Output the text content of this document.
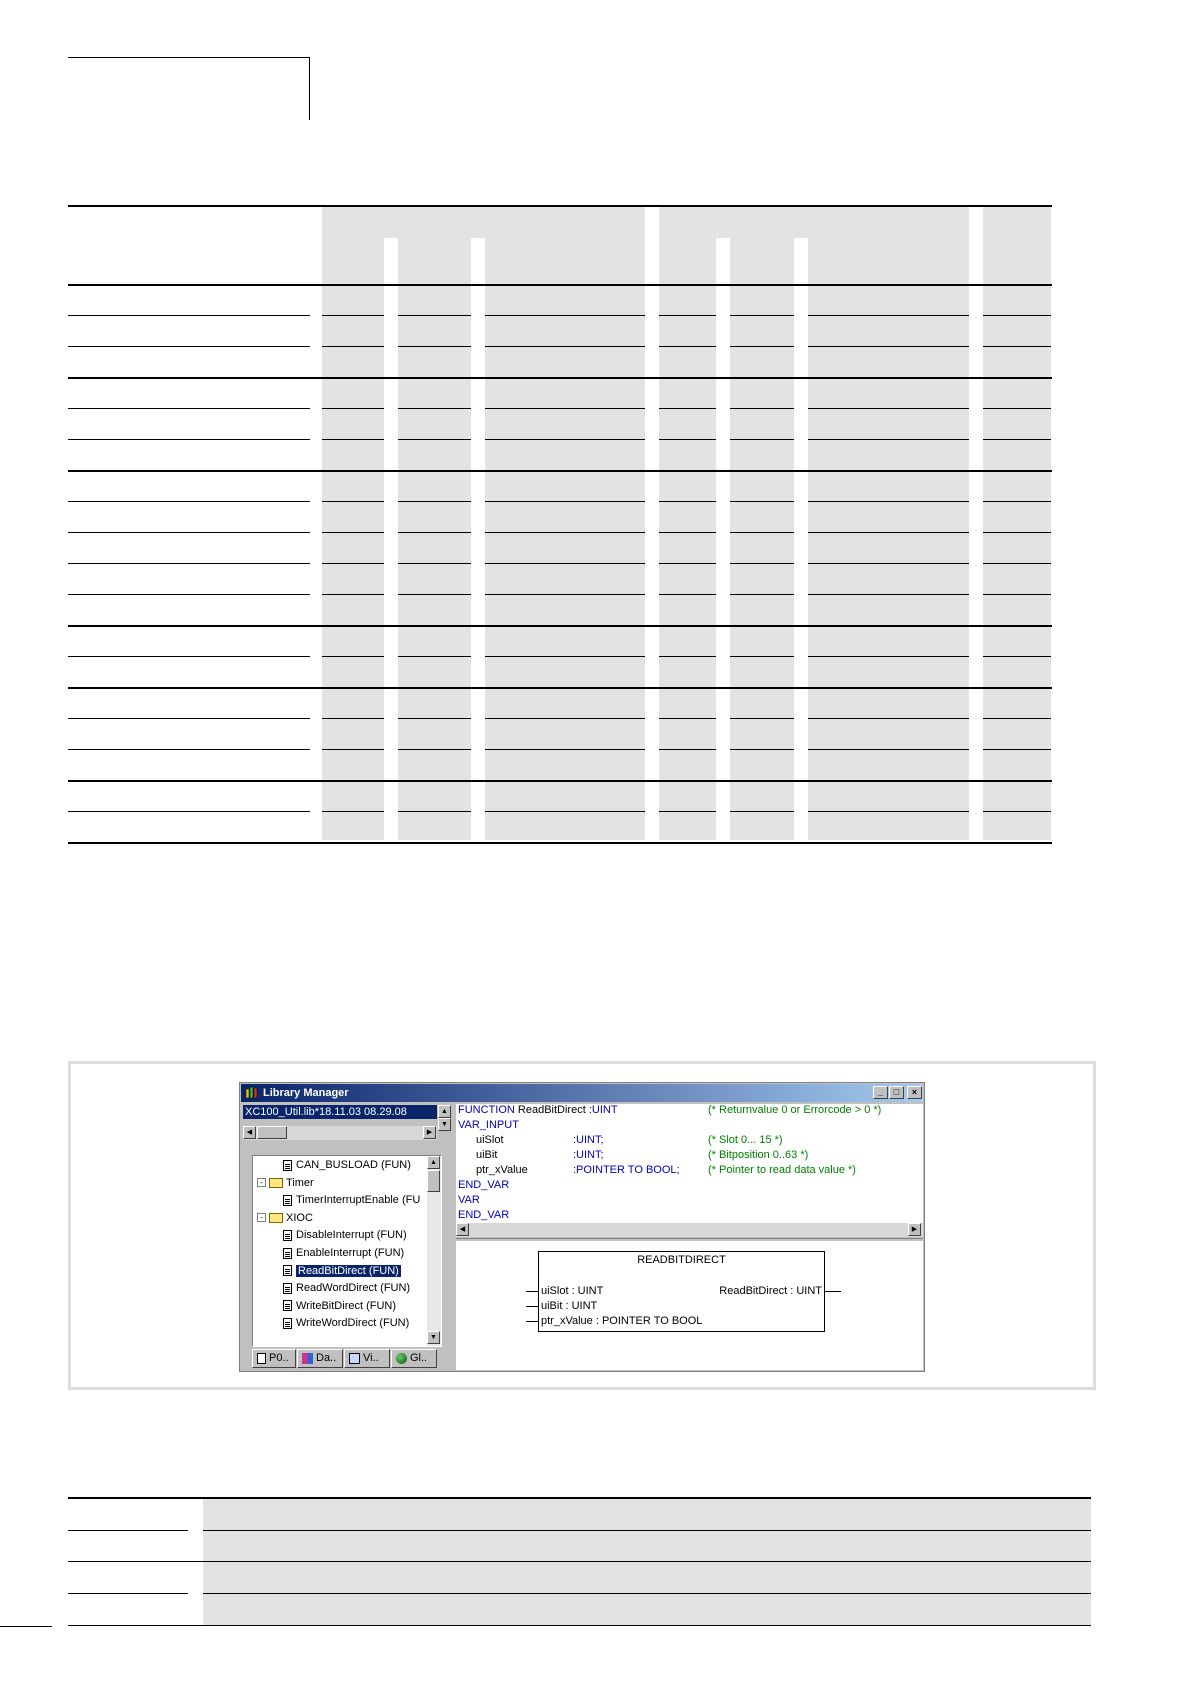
Library Manager	_	□	×
XC100_Util.lib*18.11.03 08.29.08	▲
▼
◀	▶
CAN_BUSLOAD (FUN)
- Timer
TimerInterruptEnable (FU
- XIOC
DisableInterrupt (FUN)
EnableInterrupt (FUN)
ReadBitDirect (FUN)
ReadWordDirect (FUN)
WriteBitDirect (FUN)
WriteWordDirect (FUN)
▲
▼
P0..	Da..	Vi..	Gl..
FUNCTION ReadBitDirect :UINT	(* Returnvalue 0 or Errorcode > 0 *)
VAR_INPUT
uiSlot	:UINT;	(* Slot 0... 15 *)
uiBit	:UINT;	(* Bitposition 0..63 *)
ptr_xValue	:POINTER TO BOOL;	(* Pointer to read data value *)
END_VAR
VAR
END_VAR
◀	▶
READBITDIRECT
uiSlot : UINT
uiBit : UINT
ptr_xValue : POINTER TO BOOL
ReadBitDirect : UINT
